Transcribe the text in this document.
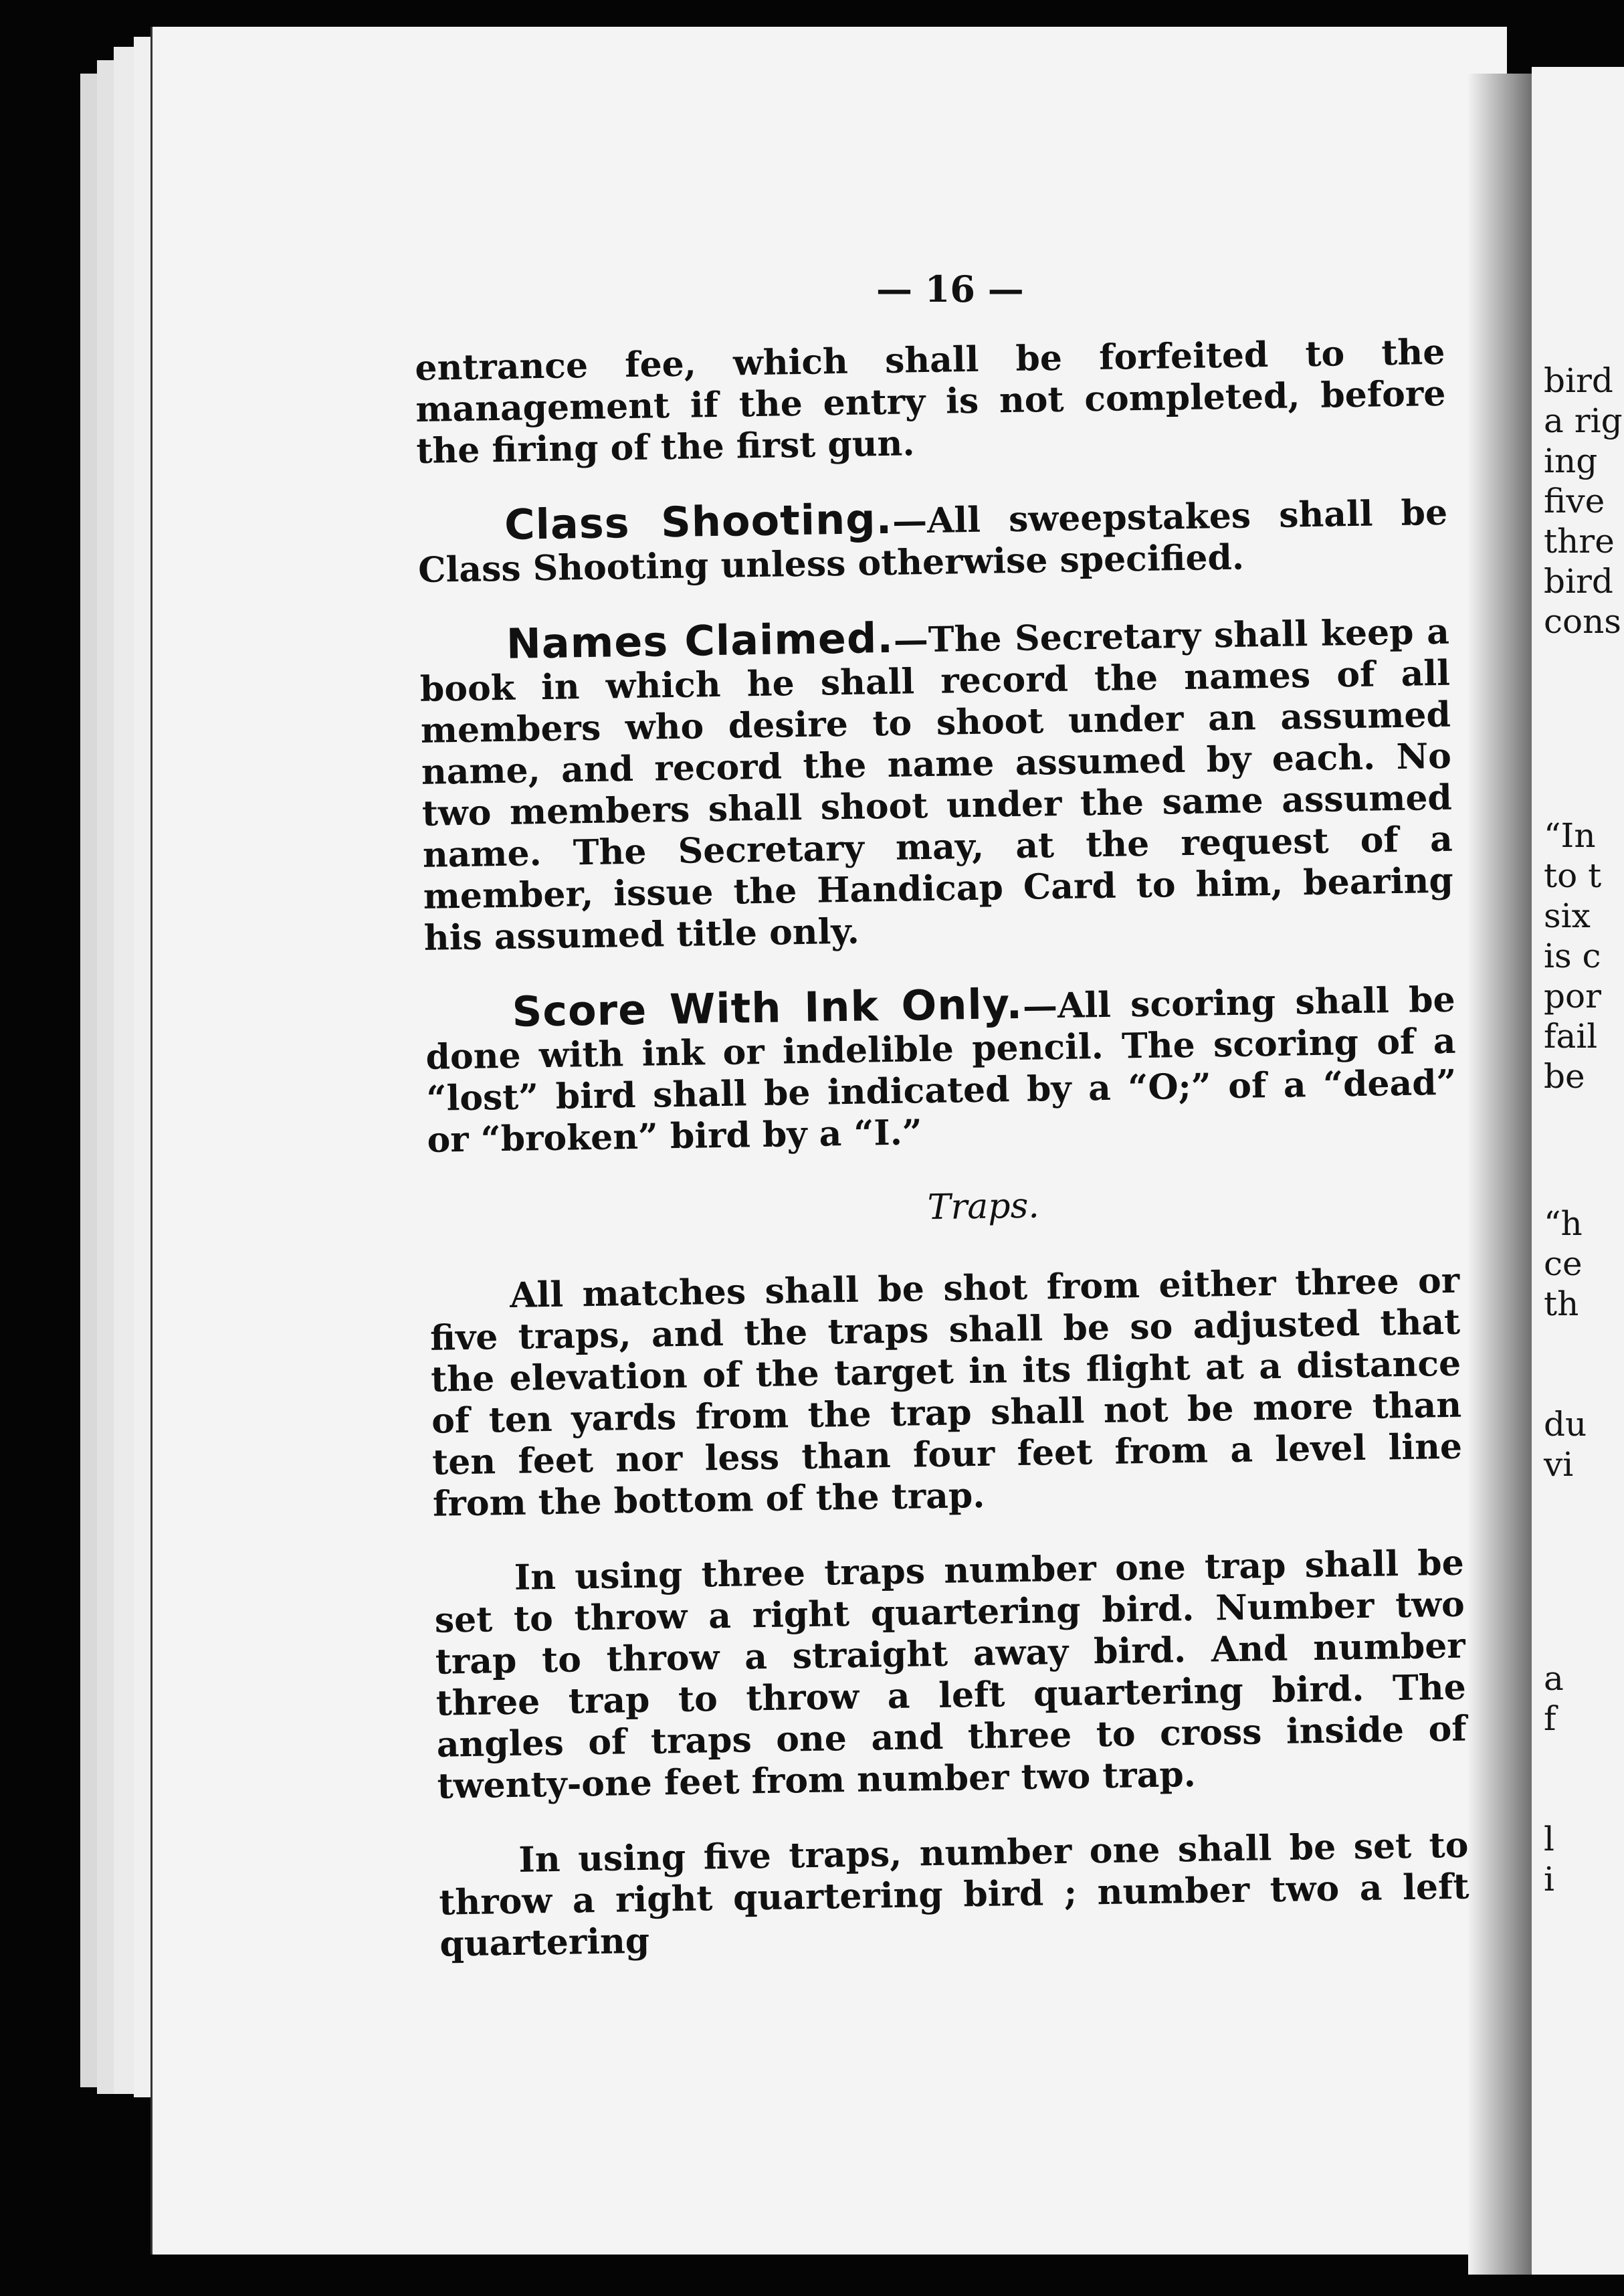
bird
a rig
ing
five
thre
bird
cons
“In
to t
six
is c
por
fail
be
“h
ce
th
du
vi
a
f
l
i
— 16 —

entrance fee, which shall be forfeited to the management if the entry is not completed, before the firing of the first gun.

Class Shooting.—All sweepstakes shall be Class Shooting unless otherwise specified.

Names Claimed.—The Secretary shall keep a book in which he shall record the names of all members who desire to shoot under an assumed name, and record the name assumed by each. No two members shall shoot under the same assumed name. The Secretary may, at the request of a member, issue the Handicap Card to him, bearing his assumed title only.

Score With Ink Only.—All scoring shall be done with ink or indelible pencil. The scoring of a “lost” bird shall be indicated by a “O;” of a “dead” or “broken” bird by a “I.”

Traps.

All matches shall be shot from either three or five traps, and the traps shall be so adjusted that the elevation of the target in its flight at a distance of ten yards from the trap shall not be more than ten feet nor less than four feet from a level line from the bottom of the trap.

In using three traps number one trap shall be set to throw a right quartering bird. Number two trap to throw a straight away bird. And number three trap to throw a left quartering bird. The angles of traps one and three to cross inside of twenty-one feet from number two trap.

In using five traps, number one shall be set to throw a right quartering bird ; number two a left quartering
